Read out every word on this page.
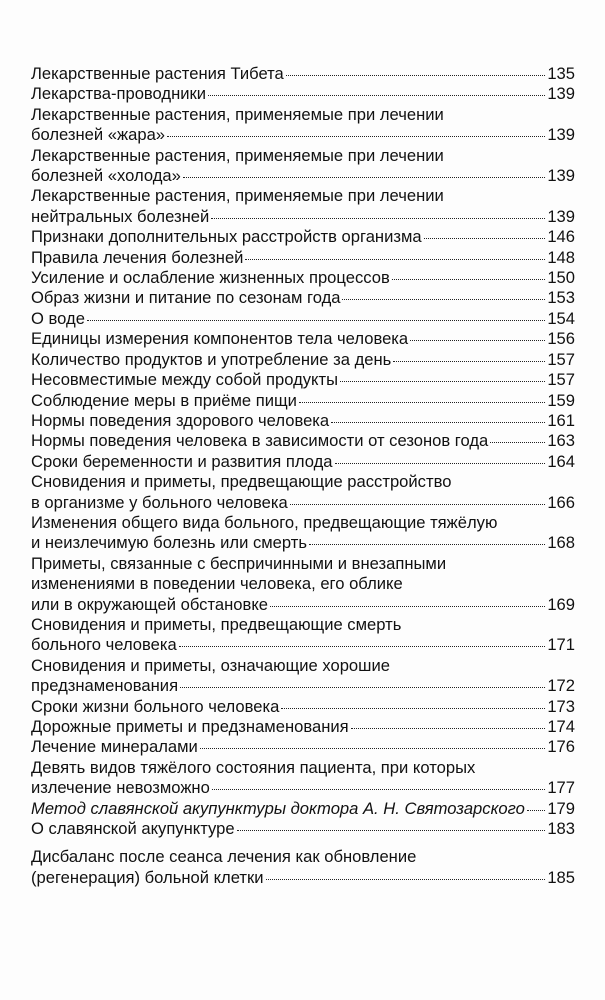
Лекарственные растения Тибета	135
Лекарства-проводники	139
Лекарственные растения, применяемые при лечении
болезней «жара»	139
Лекарственные растения, применяемые при лечении
болезней «холода»	139
Лекарственные растения, применяемые при лечении
нейтральных болезней	139
Признаки дополнительных расстройств организма	146
Правила лечения болезней	148
Усиление и ослабление жизненных процессов	150
Образ жизни и питание по сезонам года	153
О воде	154
Единицы измерения компонентов тела человека	156
Количество продуктов и употребление за день	157
Несовместимые между собой продукты	157
Соблюдение меры в приёме пищи	159
Нормы поведения здорового человека	161
Нормы поведения человека в зависимости от сезонов года	163
Сроки беременности и развития плода	164
Сновидения и приметы, предвещающие расстройство
в организме у больного человека	166
Изменения общего вида больного, предвещающие тяжёлую
и неизлечимую болезнь или смерть	168
Приметы, связанные с беспричинными и внезапными
изменениями в поведении человека, его облике
или в окружающей обстановке	169
Сновидения и приметы, предвещающие смерть
больного человека	171
Сновидения и приметы, означающие хорошие
предзнаменования	172
Сроки жизни больного человека	173
Дорожные приметы и предзнаменования	174
Лечение минералами	176
Девять видов тяжёлого состояния пациента, при которых
излечение невозможно	177
Метод славянской акупунктуры доктора А. Н. Святозарского 179
О славянской акупунктуре	183
Дисбаланс после сеанса лечения как обновление
(регенерация) больной клетки	185
